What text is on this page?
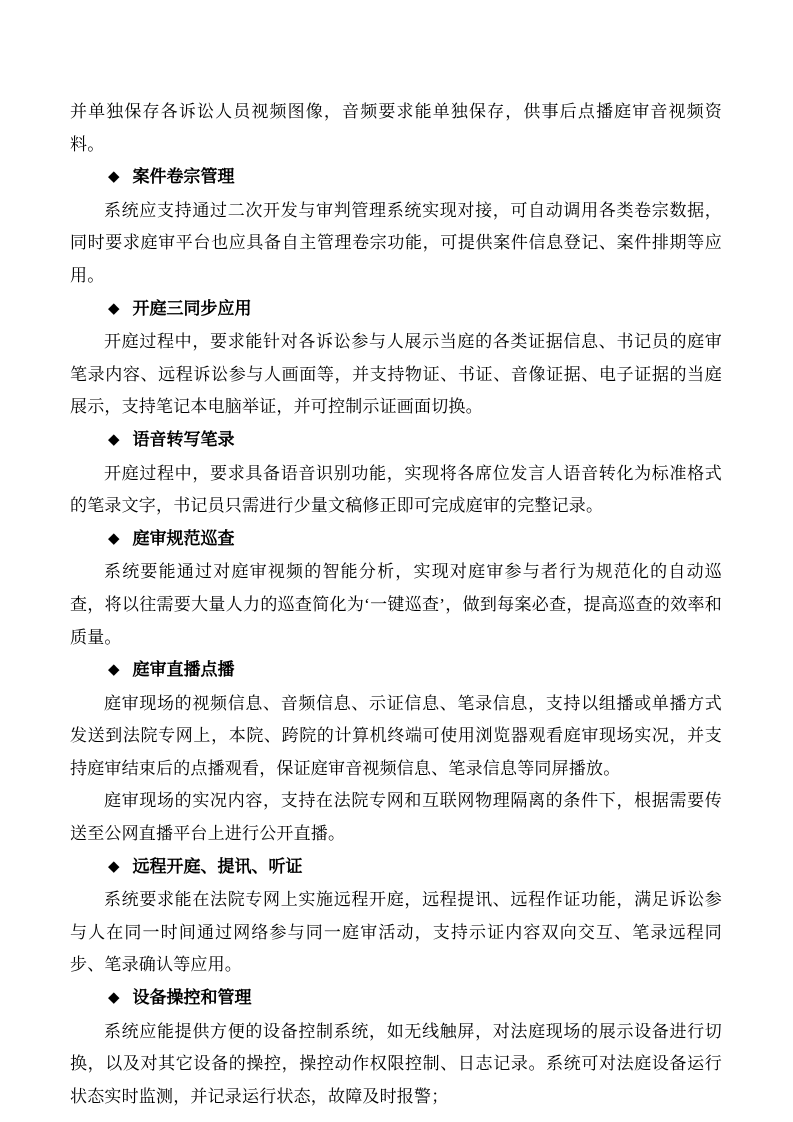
并单独保存各诉讼人员视频图像，音频要求能单独保存，供事后点播庭审音视频资料。

◆ 案件卷宗管理

系统应支持通过二次开发与审判管理系统实现对接，可自动调用各类卷宗数据，同时要求庭审平台也应具备自主管理卷宗功能，可提供案件信息登记、案件排期等应用。

◆ 开庭三同步应用

开庭过程中，要求能针对各诉讼参与人展示当庭的各类证据信息、书记员的庭审笔录内容、远程诉讼参与人画面等，并支持物证、书证、音像证据、电子证据的当庭展示，支持笔记本电脑举证，并可控制示证画面切换。

◆ 语音转写笔录

开庭过程中，要求具备语音识别功能，实现将各席位发言人语音转化为标准格式的笔录文字，书记员只需进行少量文稿修正即可完成庭审的完整记录。

◆ 庭审规范巡查

系统要能通过对庭审视频的智能分析，实现对庭审参与者行为规范化的自动巡查，将以往需要大量人力的巡查简化为‘一键巡查’，做到每案必查，提高巡查的效率和质量。

◆ 庭审直播点播

庭审现场的视频信息、音频信息、示证信息、笔录信息，支持以组播或单播方式发送到法院专网上，本院、跨院的计算机终端可使用浏览器观看庭审现场实况，并支持庭审结束后的点播观看，保证庭审音视频信息、笔录信息等同屏播放。

庭审现场的实况内容，支持在法院专网和互联网物理隔离的条件下，根据需要传送至公网直播平台上进行公开直播。

◆ 远程开庭、提讯、听证

系统要求能在法院专网上实施远程开庭，远程提讯、远程作证功能，满足诉讼参与人在同一时间通过网络参与同一庭审活动，支持示证内容双向交互、笔录远程同步、笔录确认等应用。

◆ 设备操控和管理

系统应能提供方便的设备控制系统，如无线触屏，对法庭现场的展示设备进行切换，以及对其它设备的操控，操控动作权限控制、日志记录。系统可对法庭设备运行状态实时监测，并记录运行状态，故障及时报警；
